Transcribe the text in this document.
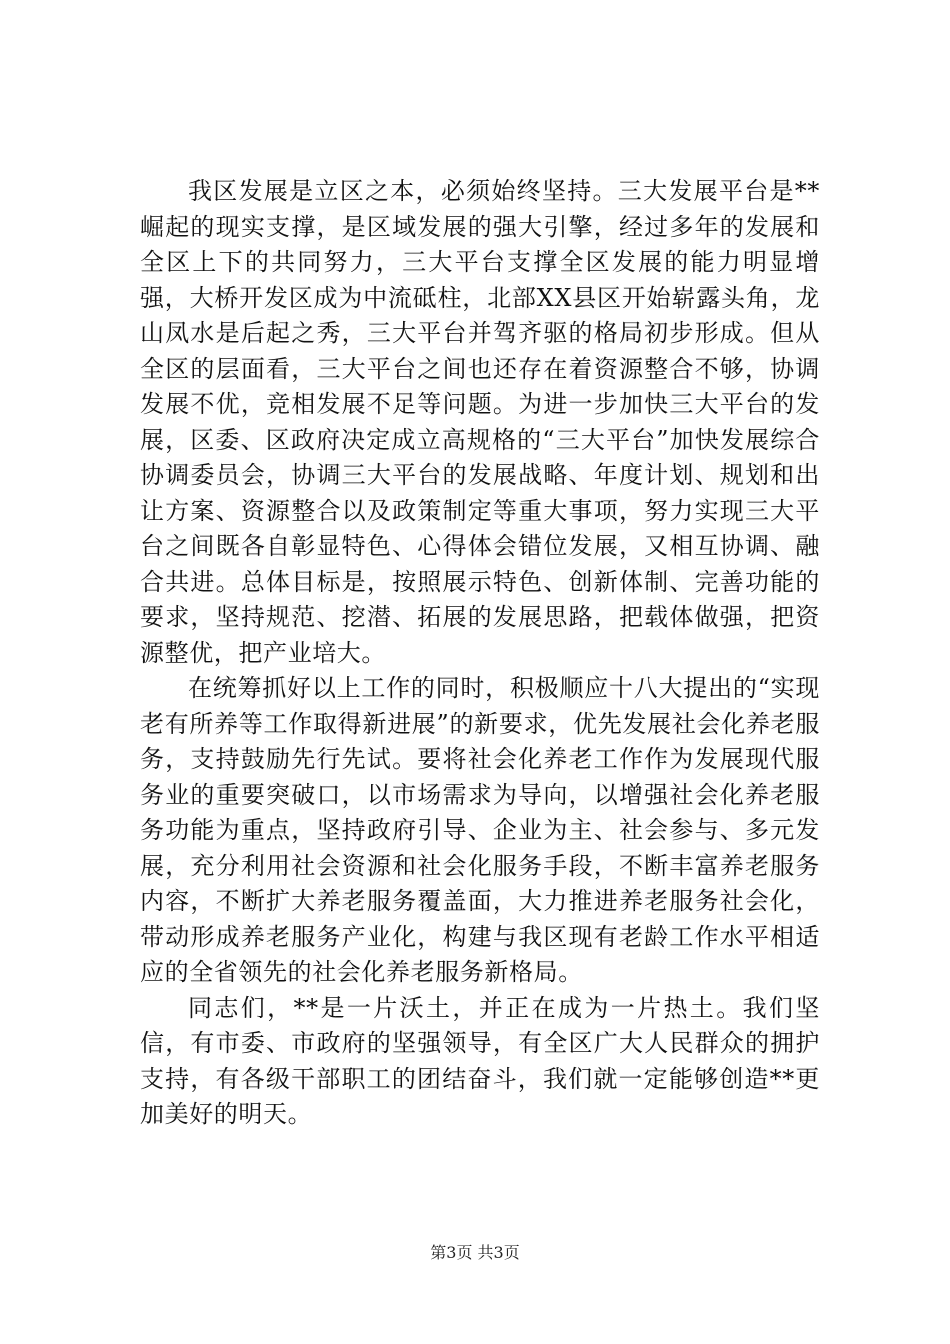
我区发展是立区之本，必须始终坚持。三大发展平台是**崛起的现实支撑，是区域发展的强大引擎，经过多年的发展和全区上下的共同努力，三大平台支撑全区发展的能力明显增强，大桥开发区成为中流砥柱，北部XX县区开始崭露头角，龙山凤水是后起之秀，三大平台并驾齐驱的格局初步形成。但从全区的层面看，三大平台之间也还存在着资源整合不够，协调发展不优，竞相发展不足等问题。为进一步加快三大平台的发展，区委、区政府决定成立高规格的“三大平台”加快发展综合协调委员会，协调三大平台的发展战略、年度计划、规划和出让方案、资源整合以及政策制定等重大事项，努力实现三大平台之间既各自彰显特色、心得体会错位发展，又相互协调、融合共进。总体目标是，按照展示特色、创新体制、完善功能的要求，坚持规范、挖潜、拓展的发展思路，把载体做强，把资源整优，把产业培大。

在统筹抓好以上工作的同时，积极顺应十八大提出的“实现老有所养等工作取得新进展”的新要求，优先发展社会化养老服务，支持鼓励先行先试。要将社会化养老工作作为发展现代服务业的重要突破口，以市场需求为导向，以增强社会化养老服务功能为重点，坚持政府引导、企业为主、社会参与、多元发展，充分利用社会资源和社会化服务手段，不断丰富养老服务内容，不断扩大养老服务覆盖面，大力推进养老服务社会化，带动形成养老服务产业化，构建与我区现有老龄工作水平相适应的全省领先的社会化养老服务新格局。

同志们，**是一片沃土，并正在成为一片热土。我们坚信，有市委、市政府的坚强领导，有全区广大人民群众的拥护支持，有各级干部职工的团结奋斗，我们就一定能够创造**更加美好的明天。

第3页 共3页
